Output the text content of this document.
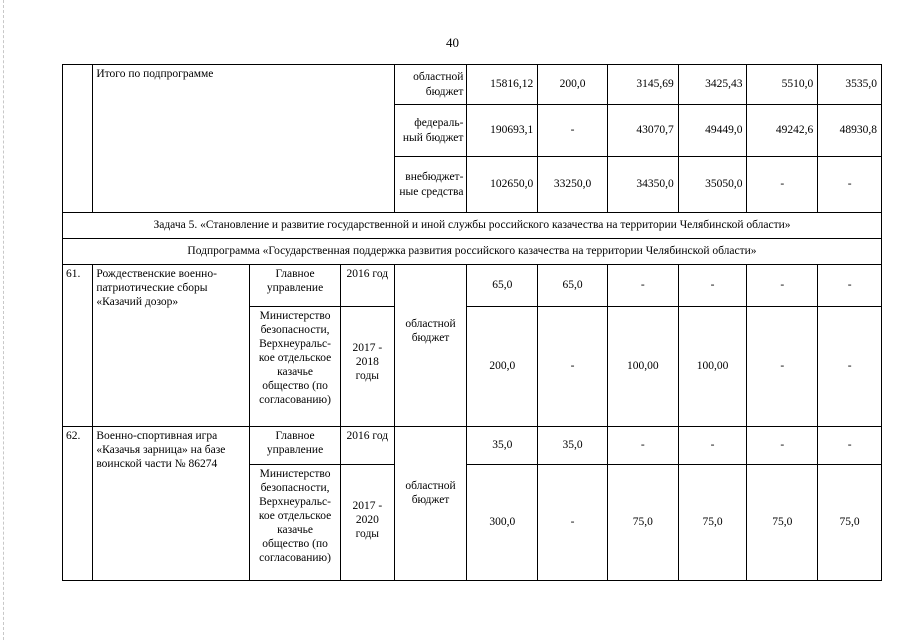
40
	Итого по подпрограмме			областной бюджет	15816,12	200,0	3145,69	3425,43	5510,0	3535,0
				федераль-ный бюджет	190693,1	-	43070,7	49449,0	49242,6	48930,8
				внебюджет-ные средства	102650,0	33250,0	34350,0	35050,0	-	-
Задача 5. «Становление и развитие государственной и иной службы российского казачества на территории Челябинской области»										
Подпрограмма «Государственная поддержка развития российского казачества на территории Челябинской области»										
61.	Рождественские военно-патриотические сборы «Казачий дозор»	Главное управление	2016 год	областной бюджет	65,0	65,0	-	-	-	-
		Министерство безопасности, Верхнеуральс-кое отдельское казачье общество (по согласованию)	2017 - 2018 годы		200,0	-	100,00	100,00	-	-
62.	Военно-спортивная игра «Казачья зарница» на базе воинской части № 86274	Главное управление	2016 год	областной бюджет	35,0	35,0	-	-	-	-
		Министерство безопасности, Верхнеуральс-кое отдельское казачье общество (по согласованию)	2017 - 2020 годы		300,0	-	75,0	75,0	75,0	75,0
